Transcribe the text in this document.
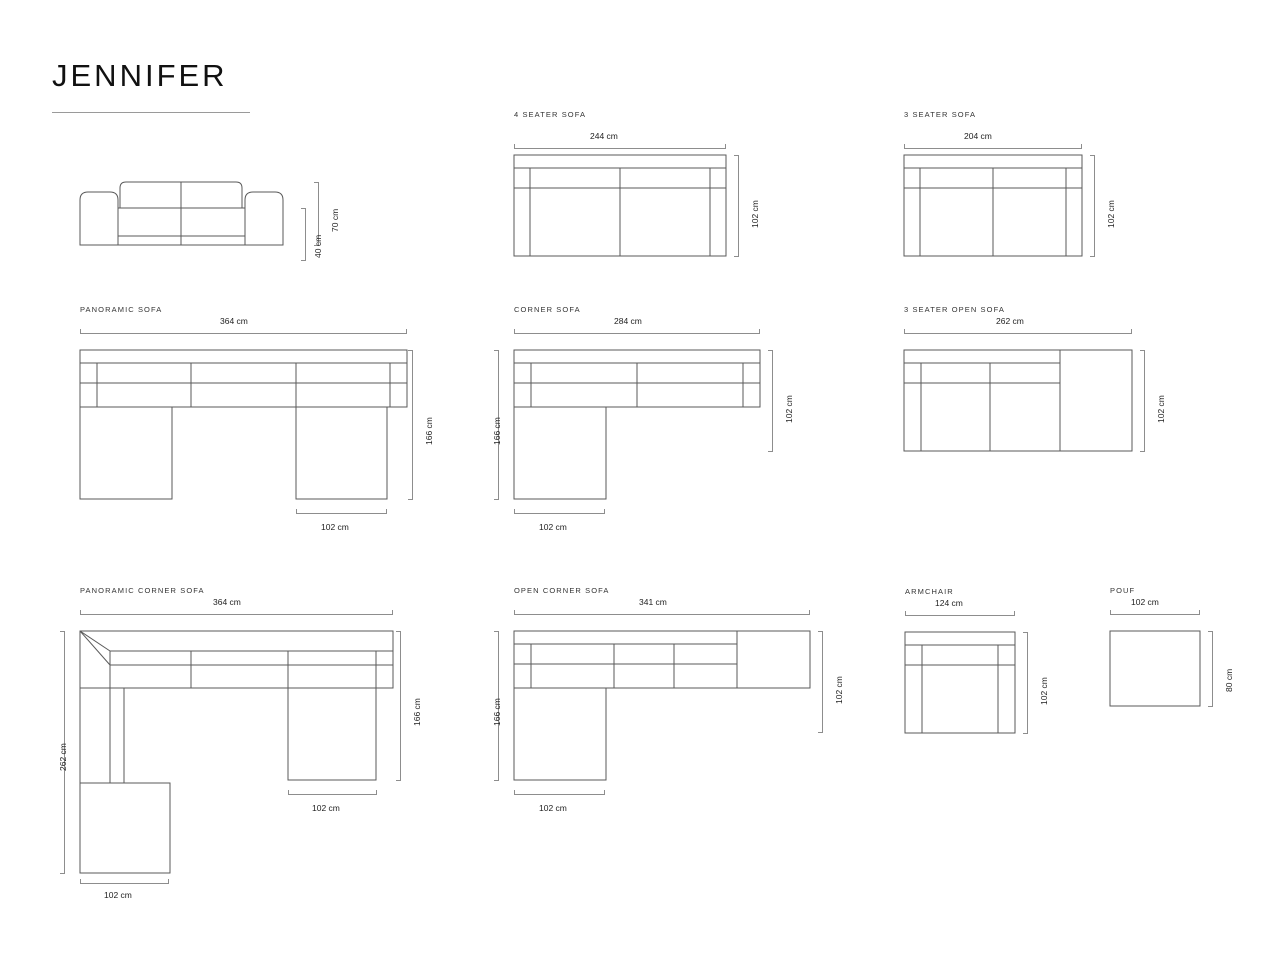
JENNIFER
70 cm
40 cm
4 SEATER SOFA
244 cm
102 cm
3 SEATER SOFA
204 cm
102 cm
PANORAMIC SOFA
364 cm
166 cm
102 cm
CORNER SOFA
284 cm
166 cm
102 cm
102 cm
3 SEATER OPEN SOFA
262 cm
102 cm
PANORAMIC CORNER SOFA
364 cm
262 cm
166 cm
102 cm
102 cm
OPEN CORNER SOFA
341 cm
166 cm
102 cm
102 cm
ARMCHAIR
124 cm
102 cm
POUF
102 cm
80 cm
